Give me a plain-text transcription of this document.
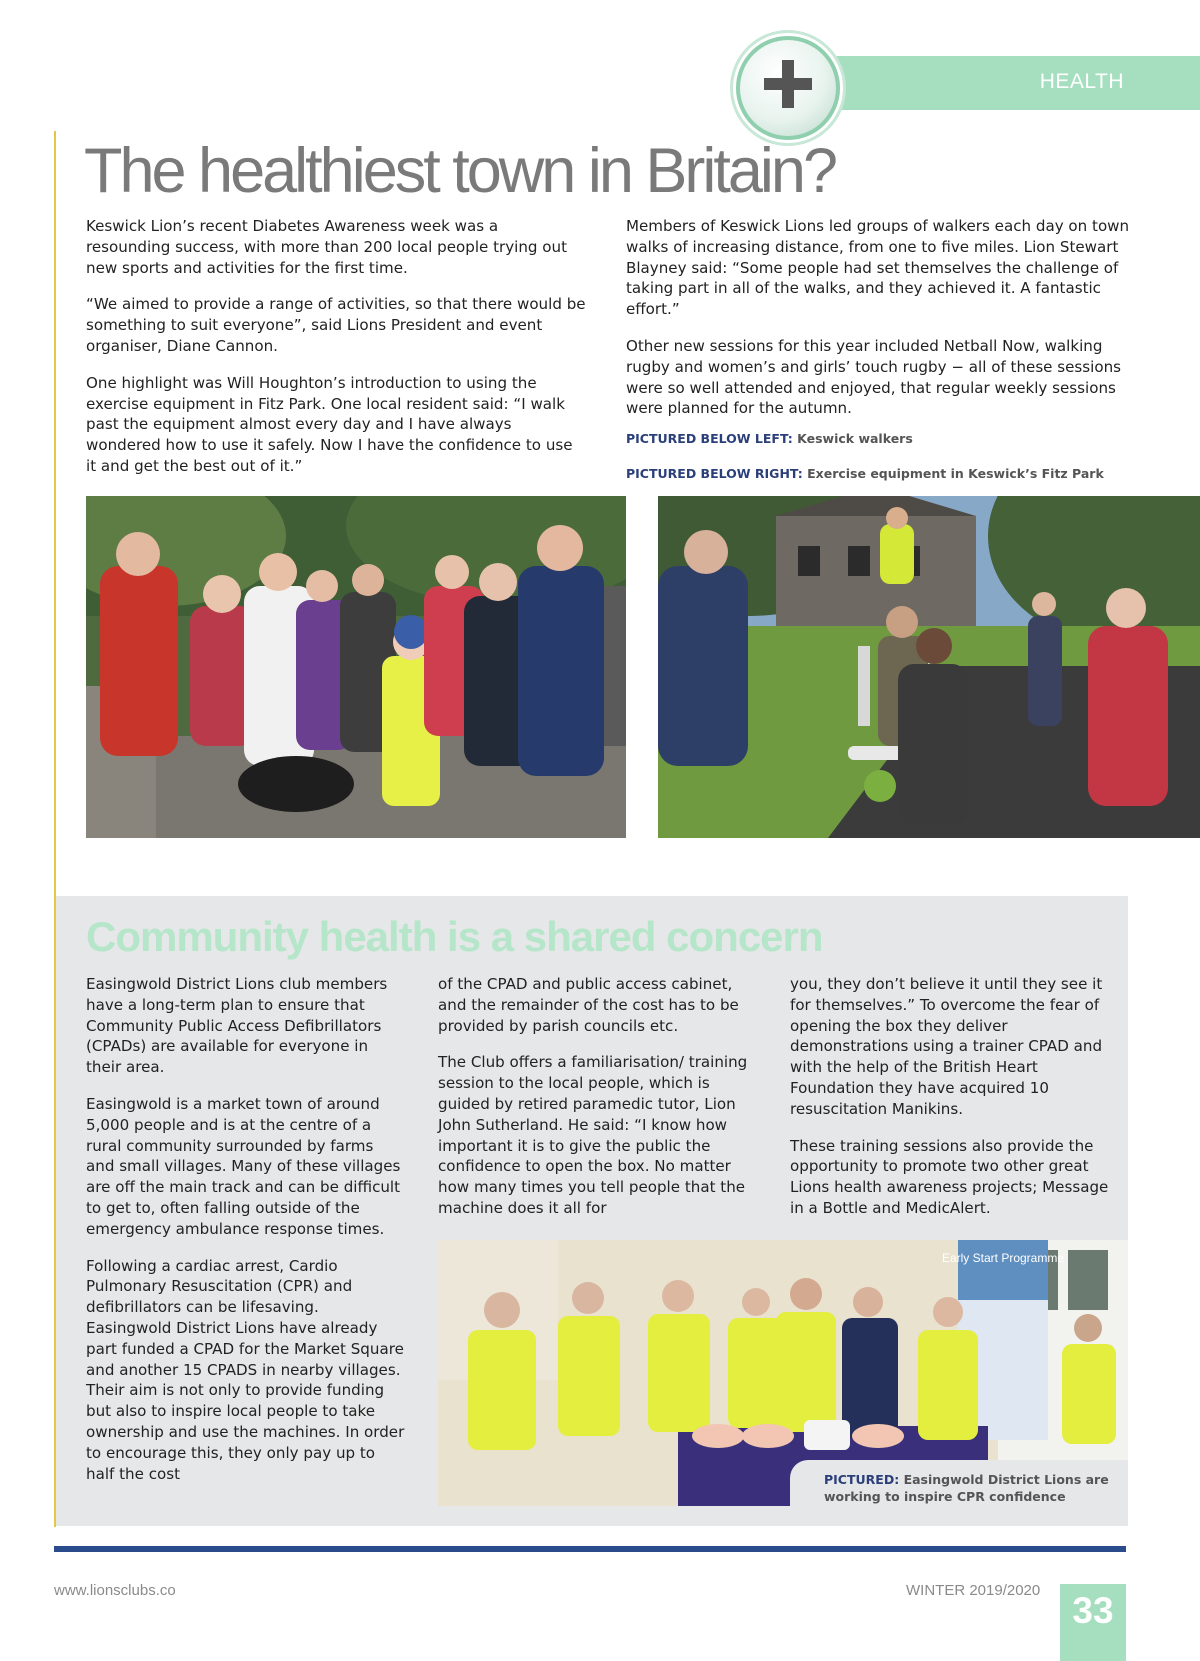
HEALTH
The healthiest town in Britain?

Keswick Lion’s recent Diabetes Awareness week was a resounding success, with more than 200 local people trying out new sports and activities for the first time.

“We aimed to provide a range of activities, so that there would be something to suit everyone”, said Lions President and event organiser, Diane Cannon.

One highlight was Will Houghton’s introduction to using the exercise equipment in Fitz Park. One local resident said: “I walk past the equipment almost every day and I have always wondered how to use it safely. Now I have the confidence to use it and get the best out of it.”

Members of Keswick Lions led groups of walkers each day on town walks of increasing distance, from one to five miles. Lion Stewart Blayney said: “Some people had set themselves the challenge of taking part in all of the walks, and they achieved it. A fantastic effort.”

Other new sessions for this year included Netball Now, walking rugby and women’s and girls’ touch rugby − all of these sessions were so well attended and enjoyed, that regular weekly sessions were planned for the autumn.

PICTURED BELOW LEFT: Keswick walkers
PICTURED BELOW RIGHT: Exercise equipment in Keswick’s Fitz Park
Community health is a shared concern

Easingwold District Lions club members have a long-term plan to ensure that Community Public Access Defibrillators (CPADs) are available for everyone in their area.

Easingwold is a market town of around 5,000 people and is at the centre of a rural community surrounded by farms and small villages. Many of these villages are off the main track and can be difficult to get to, often falling outside of the emergency ambulance response times.

Following a cardiac arrest, Cardio Pulmonary Resuscitation (CPR) and defibrillators can be lifesaving. Easingwold District Lions have already part funded a CPAD for the Market Square and another 15 CPADS in nearby villages. Their aim is not only to provide funding but also to inspire local people to take ownership and use the machines. In order to encourage this, they only pay up to half the cost

of the CPAD and public access cabinet, and the remainder of the cost has to be provided by parish councils etc.

The Club offers a familiarisation/ training session to the local people, which is guided by retired paramedic tutor, Lion John Sutherland. He said: “I know how important it is to give the public the confidence to open the box. No matter how many times you tell people that the machine does it all for

you, they don’t believe it until they see it for themselves.” To overcome the fear of opening the box they deliver demonstrations using a trainer CPAD and with the help of the British Heart Foundation they have acquired 10 resuscitation Manikins.

These training sessions also provide the opportunity to promote two other great Lions health awareness projects; Message in a Bottle and MedicAlert.

Early Start Programme
PICTURED: Easingwold District Lions are working to inspire CPR confidence
www.lionsclubs.co	WINTER 2019/2020 33
